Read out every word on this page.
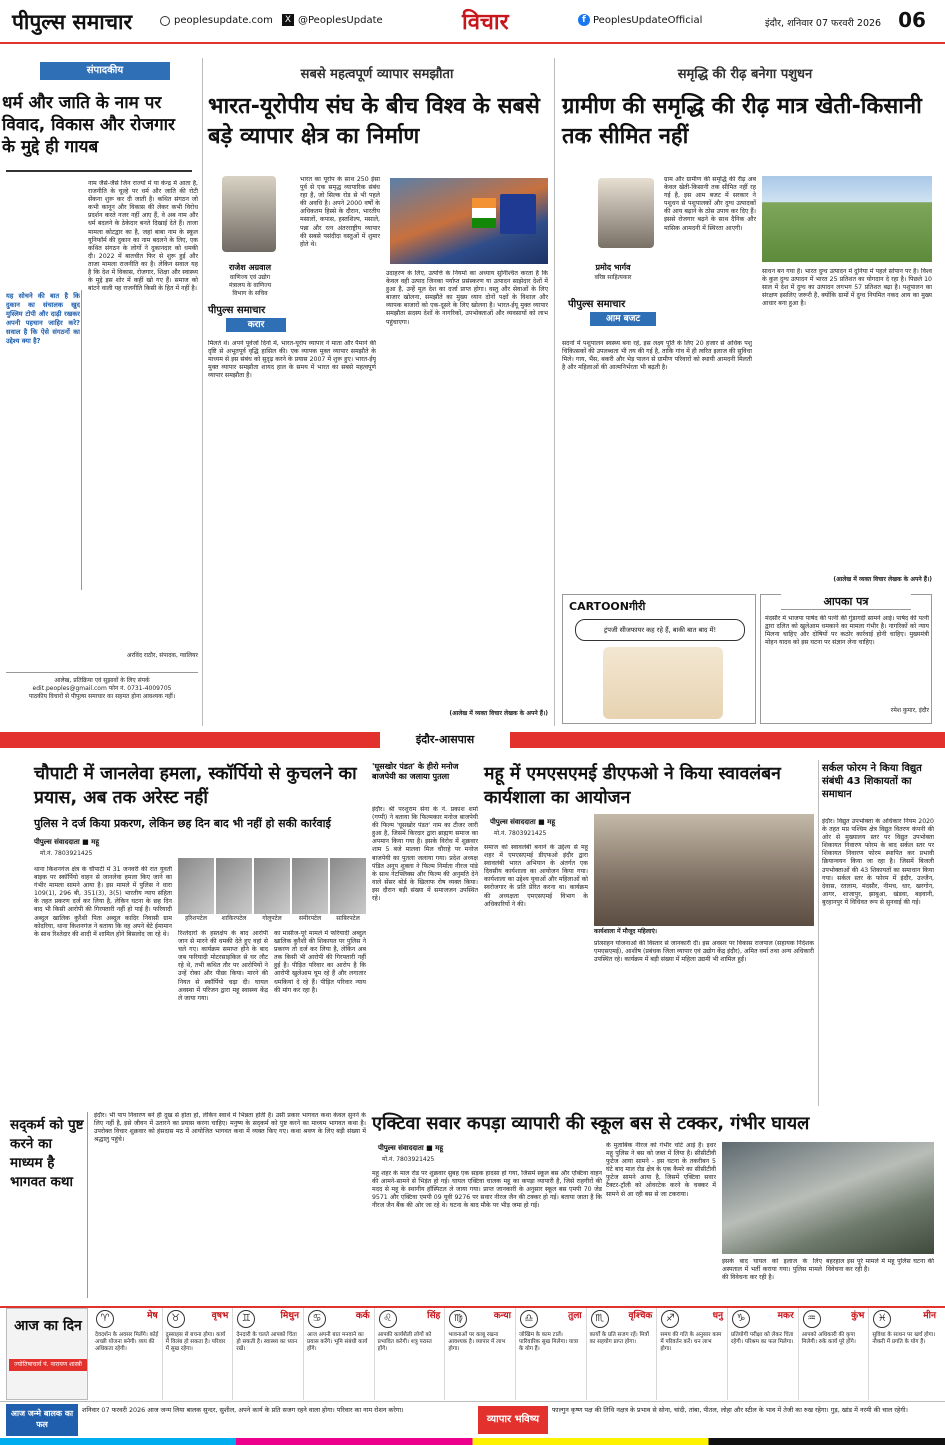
पीपुल्स समाचार	peoplesupdate.com	X @PeoplesUpdate	विचार	f PeoplesUpdateOfficial	इंदौर, शनिवार 07 फरवरी 2026 06
संपादकीय
धर्म और जाति के नाम पर विवाद, विकास और रोजगार के मुद्दे ही गायब
नाम जैसे-जैसे जिन राज्यों में या केन्द्र में आता है, राजनीति के चूल्हे पर धर्म और जाति की रोटी सेंकना शुरू कर दी जाती है। कथित संगठन जो कभी कानून और विकास की लेकर कभी विरोध प्रदर्शन करते नजर नहीं आए हैं, वे अब नाम और धर्म बदलने के ठेकेदार बनते दिखाई देते हैं। ताजा मामला कोटद्वार का है, जहां बाबा नाम के स्कूल यूनिफॉर्म की दुकान का नाम बदलने के लिए, एक कथित संगठन के लोगों ने दुकानदार को धमकी दी। 2022 में बातचीत फिर से शुरू हुई और ताजा मामला राजनीति का है। लेकिन सवाल यह है कि देश में विकास, रोजगार, शिक्षा और स्वास्थ्य के मुद्दे इस शोर में कहीं खो गए हैं। समाज को बांटने वाली यह राजनीति किसी के हित में नहीं है।
यह सोचने की बात है कि दुकान का संचालक खुद मुस्लिम टोपी और दाढ़ी रखकर अपनी पहचान जाहिर करे? सवाल है कि ऐसे संगठनों का उद्देश्य क्या है?
अरविंद राठौर, संपादक, ग्वालियर
आलेख, प्रतिक्रिया एवं सुझावों के लिए संपर्क
edit.peoples@gmail.com फोन नं. 0731-4009705
पाठकीय विचारों से पीपुल्स समाचार का सहमत होना आवश्यक नहीं।
सबसे महत्वपूर्ण व्यापार समझौता
भारत-यूरोपीय संघ के बीच विश्व के सबसे बड़े व्यापार क्षेत्र का निर्माण
राजेश अग्रवाल
वाणिज्य एवं उद्योग
मंत्रालय के वाणिज्य
विभाग के सचिव
पीपुल्स समाचार
करार
भारत का यूरोप के साथ 250 ईसा पूर्व से एक समृद्ध व्यापारिक संबंध रहा है, जो सिल्क रोड से भी पहले की अवधि है। अपने 2000 वर्षों के अधिकतम हिस्से के दौरान, भारतीय मसालों, कपास, हस्तशिल्प, मसाले, पन्ना और रत्न अंतरराष्ट्रीय व्यापार की सबसे पसंदीदा वस्तुओं में शुमार होते थे।
मिलते थे। अपने पूर्वजों दिनों में, भारत-यूरोप व्यापार ने माता और पैमाने की दृष्टि से अभूतपूर्व वृद्धि हासिल की। एक व्यापक मुक्त व्यापार समझौते के माध्यम से इस संबंध को सुदृढ़ करने के प्रयास 2007 में शुरू हुए। भारत-ईयू मुक्त व्यापार समझौता शायद हाल के समय में भारत का सबसे महत्वपूर्ण व्यापार समझौता है।
उदाहरण के लिए, उत्पत्ति के नियमों का अध्याय सुनिश्चित करता है कि केवल वही उत्पाद जिनका पर्याप्त प्रसंस्करण या उत्पादन साझेदार देशों में हुआ है, उन्हें मूल देश का दर्जा प्राप्त होगा। वस्तु और सेवाओं के लिए बाजार खोलना, समझौते का मुख्य ध्यान दोनों पक्षों के विशाल और व्यापक बाजारों को एक-दूसरे के लिए खोलना है। भारत-ईयू मुक्त व्यापार समझौता सदस्य देशों के नागरिकों, उपभोक्ताओं और व्यवसायों को लाभ पहुंचाएगा।
(आलेख में व्यक्त विचार लेखक के अपने हैं।)
समृद्धि की रीढ़ बनेगा पशुधन
ग्रामीण की समृद्धि की रीढ़ मात्र खेती-किसानी तक सीमित नहीं
प्रमोद भार्गव
वरिष्ठ साहित्यकार
पीपुल्स समाचार
आम बजट
ग्राम और ग्रामीण की समृद्धि की रीढ़ अब केवल खेती-किसानी तक सीमित नहीं रह गई है, इस आम बजट में सरकार ने पशुधन से पशुपालकों और दुग्ध उत्पादकों की आय बढ़ाने के ठोस उपाय कर दिए हैं। इससे रोजगार बढ़ने के साथ दैनिक और मासिक आमदनी में स्थिरता आएगी।
सदनों में पशुपालन स्वस्थ्य बना रहे, इस लक्ष्य पूर्ति के लिए 20 हजार से अधिक पशु चिकित्सकों की उपलब्धता भी तय की गई है, ताकि गांव में ही त्वरित इलाज की सुविधा मिले। गाय, भैंस, बकरी और भेड़ पालन से ग्रामीण परिवारों को स्थायी आमदनी मिलती है और महिलाओं की आत्मनिर्भरता भी बढ़ती है।
साधन बन गया है। भारत दुग्ध उत्पादन में दुनिया में पहले सोपान पर है। विश्व के कुल दुग्ध उत्पादन में भारत 25 प्रतिशत का योगदान दे रहा है। पिछले 10 साल में देश में दुग्ध का उत्पादन लगभग 57 प्रतिशत बढ़ा है। पशुपालन का संरक्षण इसलिए जरूरी है, क्योंकि ग्रामों में दुग्ध नियमित नकद आय का मुख्य आधार बना हुआ है।
(आलेख में व्यक्त विचार लेखक के अपने हैं।)
CARTOONगीरी
ट्रंपजी सीजफायर कह रहे हैं, बाकी बात बाद में!
आपका पत्र
मंदसौर में भाजपा पार्षद की पत्नी की गुंडागर्दी सामने आई। पार्षद की पत्नी द्वारा दलित को खुलेआम धमकाने का मामला गंभीर है। नागरिकों को न्याय मिलना चाहिए और दोषियों पर कठोर कार्रवाई होनी चाहिए। मुख्यमंत्री मोहन यादव को इस घटना पर संज्ञान लेना चाहिए।
रमेश कुमार, इंदौर
इंदौर-आसपास
चौपाटी में जानलेवा हमला, स्कॉर्पियो से कुचलने का प्रयास, अब तक अरेस्ट नहीं
पुलिस ने दर्ज किया प्रकरण, लेकिन छह दिन बाद भी नहीं हो सकी कार्रवाई
पीपुल्स संवाददाता ■ महू
मो.नं. 7803921425
हरिशपटेल	शाकिरपटेल	गोलूपटेल	समीरपटेल	साबिरपटेल
थाना किशनगंज क्षेत्र के चौपाटी में 31 जनवरी की रात युवती बाइक पर स्कॉर्पियो वाहन से जानलेवा हमला किए जाने का गंभीर मामला सामने आया है। इस मामले में पुलिस ने धारा 109(1), 296 बी, 351(3), 3(5) भारतीय न्याय संहिता के तहत प्रकरण दर्ज कर लिया है, लेकिन घटना के छह दिन बाद भी किसी आरोपी की गिरफ्तारी नहीं हो पाई है। फरियादी अब्दुल खालिक कुरैशी पिता अब्दुल कादिर निवासी ग्राम कोदरिया, थाना किशनगंज ने बताया कि वह अपने बेटे ईमामान के साथ रिश्तेदार की शादी में शामिल होने बिसलोद जा रहे थे।	रिश्तेदारों के हस्तक्षेप के बाद आरोपी जान से मारने की धमकी देते हुए वहां से चले गए। कार्यक्रम समाप्त होने के बाद जब फरियादी मोटरसाइकिल से घर लौट रहे थे, तभी कथित तौर पर आरोपियों ने उन्हें रोका और पीछा किया। मारने की नियत से स्कॉर्पियो चढ़ा दी। घायल अवस्था में परिजन द्वारा महू स्वास्थ्य केंद्र ले जाया गया।
का मासीज-पूरे मामले में फरियादी अब्दुल खालिक कुरैशी की शिकायत पर पुलिस ने प्रकरण तो दर्ज कर लिया है, लेकिन अब तक किसी भी आरोपी की गिरफ्तारी नहीं हुई है। पीड़ित परिवार का आरोप है कि आरोपी खुलेआम घूम रहे हैं और लगातार धमकियां दे रहे हैं। पीड़ित परिवार न्याय की मांग कर रहा है।
'घूसखोर पंडत' के हीरो मनोज बाजपेयी का जलाया पुतला
इंदौर। श्री परशुराम सेना के नं. प्रकाश शर्मा (गप्पी) ने बताया कि फिल्मकार मनोज बाजपेयी की फिल्म 'घूसखोर पंडत' नाम का टीजर जारी हुआ है, जिसमें किरदार द्वारा ब्राह्मण समाज का अपमान किया गया है। इसके विरोध में शुक्रवार शाम 5 बजे मालवा मिल चौराहे पर मनोज बाजपेयी का पुतला जलाया गया। प्रदेश अध्यक्ष पंडित अनूप शुक्ला ने फिल्म निर्माता नीरज पांडे के साथ नेटफ्लिक्स और फिल्म की अनुमति देने वाले सेंसर बोर्ड के खिलाफ रोष व्यक्त किया। इस दौरान बड़ी संख्या में समाजजन उपस्थित रहे।
महू में एमएसएमई डीएफओ ने किया स्वावलंबन कार्यशाला का आयोजन
पीपुल्स संवाददाता ■ महू
मो.नं. 7803921425
कार्यशाला में मौजूद महिलाएं।
समाज को स्वावलंबी बनाने के उद्देश्य से महू शहर में एमएसएमई डीएफओ इंदौर द्वारा स्वावलंबी भारत अभियान के अंतर्गत एक दिवसीय कार्यशाला का आयोजन किया गया। कार्यशाला का उद्देश्य युवाओं और महिलाओं को स्वरोजगार के प्रति प्रेरित करना था। कार्यक्रम की अध्यक्षता एमएसएमई विभाग के अधिकारियों ने की।
प्रोत्साहन योजनाओं की विस्तार से जानकारी दी। इस अवसर पर विकास राजपाल (सहायक निदेशक एमएसएमई), आशीष (प्रबंधक जिला व्यापार एवं उद्योग केंद्र इंदौर), अमित वर्मा तथा अन्य अधिकारी उपस्थित रहे। कार्यक्रम में बड़ी संख्या में महिला उद्यमी भी शामिल हुईं।
सर्कल फोरम ने किया विद्युत संबंधी 43 शिकायतों का समाधान
इंदौर। विद्युत उपभोक्ता के अधिकार नियम 2020 के तहत मप्र पश्चिम क्षेत्र विद्युत वितरण कंपनी की ओर से मुख्यालय स्तर पर विद्युत उपभोक्ता शिकायत निवारण फोरम के बाद सर्कल स्तर पर शिकायत निवारण फोरम स्थापित कर प्रभावी क्रियान्वयन किया जा रहा है। जिसमें बिजली उपभोक्ताओं की 43 शिकायतों का समाधान किया गया। सर्कल स्तर के फोरम में इंदौर, उज्जैन, देवास, रतलाम, मंदसौर, नीमच, धार, खरगोन, आगर, शाजापुर, झाबुआ, खंडवा, बड़वानी, बुरहानपुर में विधिवत रूप से सुनवाई की गई।
एक्टिवा सवार कपड़ा व्यापारी की स्कूल बस से टक्कर, गंभीर घायल
पीपुल्स संवाददाता ■ महू
मो.नं. 7803921425
महू शहर के माल रोड पर शुक्रवार सुबह एक सड़क हादसा हो गया, जिसमें स्कूल बस और एक्टिवा वाहन की आमने-सामने से भिड़ंत हो गई। घायल एक्टिवा चालक महू का कपड़ा व्यापारी है, जिसे राहगीरों की मदद से महू के स्थानीय हॉस्पिटल ले जाया गया। प्राप्त जानकारी के अनुसार स्कूल बस एमपी 70 जेड 9571 और एक्टिवा एमपी 09 यूवी 9276 पर सवार नीरज जैन की टक्कर हो गई। बताया जाता है कि नीरज जैन बैंक की ओर जा रहे थे। घटना के बाद मौके पर भीड़ जमा हो गई।
के मुताबिक नीरज को गंभीर चोटें आई हैं। इधर महू पुलिस ने बस को जब्त में लिया है। सीसीटीवी फुटेज आया सामने - इस घटना के तकरीबन 5 घंटे बाद माल रोड क्षेत्र के एक कैमरे का सीसीटीवी फुटेज सामने आया है, जिसमें एक्टिवा सवार टैक्टर-ट्रॉली को ओवरटेक करने के चक्कर में सामने से आ रही बस से जा टकराया।
इसके बाद घायल को इलाज के लिए अस्पताल में भर्ती कराया गया। पुलिस मामले की विवेचना कर रही है।
बहरहाल इस पूरे मामले में महू पुलिस घटना की विवेचना कर रही है।
सद्कर्म को पुष्ट करने का माध्यम है भागवत कथा
इंदौर। भी पाप निवारण बने ही दुख से होता हो, लेकिन स्वार्थ में भिन्नता होती है। उसी प्रकार भागवत कथा केवल सुनने के लिए नहीं है, इसे जीवन में उतारने का प्रयास करना चाहिए। मनुष्य के सद्कर्म को पुष्ट करने का माध्यम भागवत कथा है। उपरोक्त विचार शुक्रवार को हंसदास मठ में आयोजित भागवत कथा में व्यक्त किए गए। कथा श्रवण के लिए बड़ी संख्या में श्रद्धालु पहुंचे।
आज का दिन
ज्योतिषाचार्य पं. नारायण शास्त्री
♈	मेष
देवदर्शन के अवसर मिलेंगे। कोई अच्छी योजना बनेगी। व्यय की अधिकता रहेगी।
♉	वृषभ
दुस्साहस से बचना होगा। कार्य में विलंब हो सकता है। परिवार में सुख रहेगा।
♊	मिथुन
देनदारी के चलते आपको चिंता हो सकती है। स्वास्थ्य का ध्यान रखें।
♋	कर्क
आज अपनी बात मनवाने का प्रयास करेंगे। भूमि संबंधी कार्य होंगे।
♌	सिंह
आपकी कार्यशैली लोगों को प्रभावित करेगी। शत्रु परास्त होंगे।
♍	कन्या
भावनाओं पर काबू रखना आवश्यक है। व्यापार में लाभ होगा।
♎	तुला
जोखिम के काम टालें। पारिवारिक सुख मिलेगा। यात्रा के योग हैं।
♏	वृश्चिक
कार्यों के प्रति सजग रहें। मित्रों का सहयोग प्राप्त होगा।
♐	धनु
समय की गति के अनुसार काम में परिवर्तन करें। धन लाभ होगा।
♑	मकर
प्रतियोगी परीक्षा को लेकर चिंता रहेगी। परिश्रम का फल मिलेगा।
♒	कुंभ
आपको अधिकारी की कृपा मिलेगी। रुके कार्य पूरे होंगे।
♓	मीन
सुविधा के साधन पर खर्च होगा। नौकरी में प्रगति के योग हैं।
आज जन्मे बालक का फल
शनिवार 07 फरवरी 2026 आज जन्म लिया बालक सुन्दर, सुशील, अपने कार्य के प्रति सजग रहने वाला होगा। परिवार का नाम रोशन करेगा।
व्यापार भविष्य
फाल्गुन कृष्ण पक्ष की तिथि नक्षत्र के प्रभाव से सोना, चांदी, तांबा, पीतल, लोहा और स्टील के भाव में तेजी का रुख रहेगा। गुड़, खांड में नरमी की चाल रहेगी।
